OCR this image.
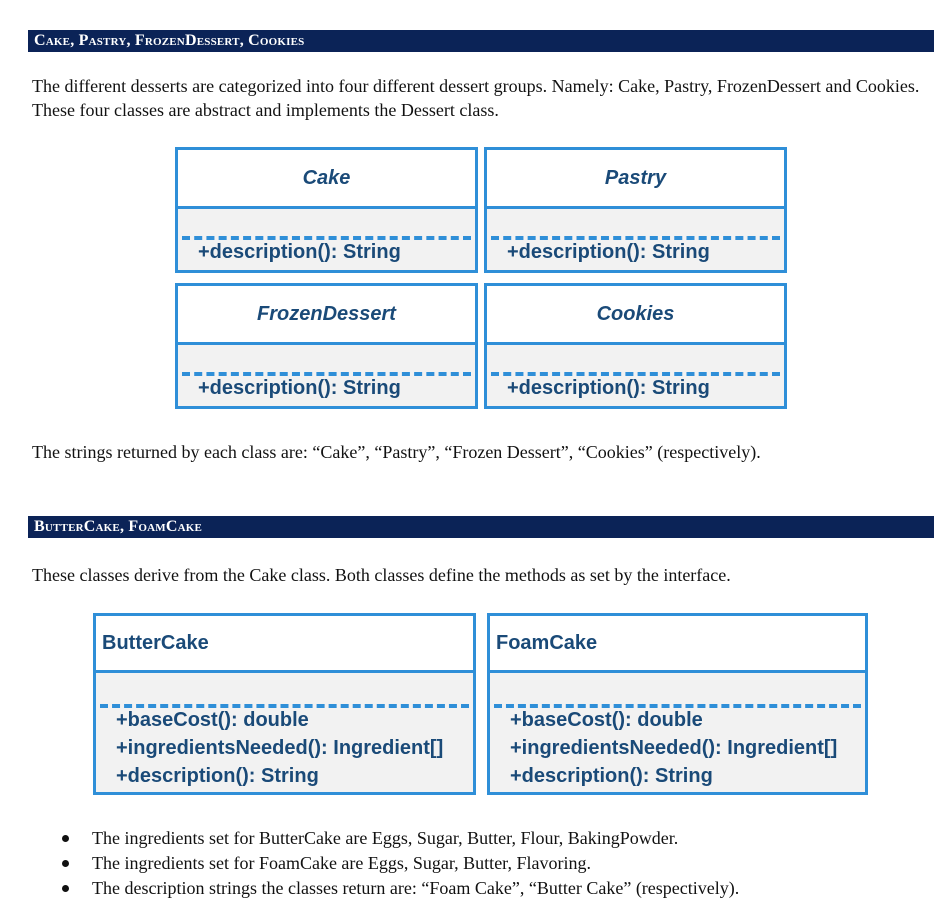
Cake, Pastry, FrozenDessert, Cookies
The different desserts are categorized into four different dessert groups. Namely: Cake, Pastry, FrozenDessert and Cookies. These four classes are abstract and implements the Dessert class.
Cake
+description(): String
Pastry
+description(): String
FrozenDessert
+description(): String
Cookies
+description(): String
The strings returned by each class are: “Cake”, “Pastry”, “Frozen Dessert”, “Cookies” (respectively).
ButterCake, FoamCake
These classes derive from the Cake class. Both classes define the methods as set by the interface.
ButterCake
+baseCost(): double
+ingredientsNeeded(): Ingredient[]
+description(): String
FoamCake
+baseCost(): double
+ingredientsNeeded(): Ingredient[]
+description(): String
The ingredients set for ButterCake are Eggs, Sugar, Butter, Flour, BakingPowder.
The ingredients set for FoamCake are Eggs, Sugar, Butter, Flavoring.
The description strings the classes return are: “Foam Cake”, “Butter Cake” (respectively).
